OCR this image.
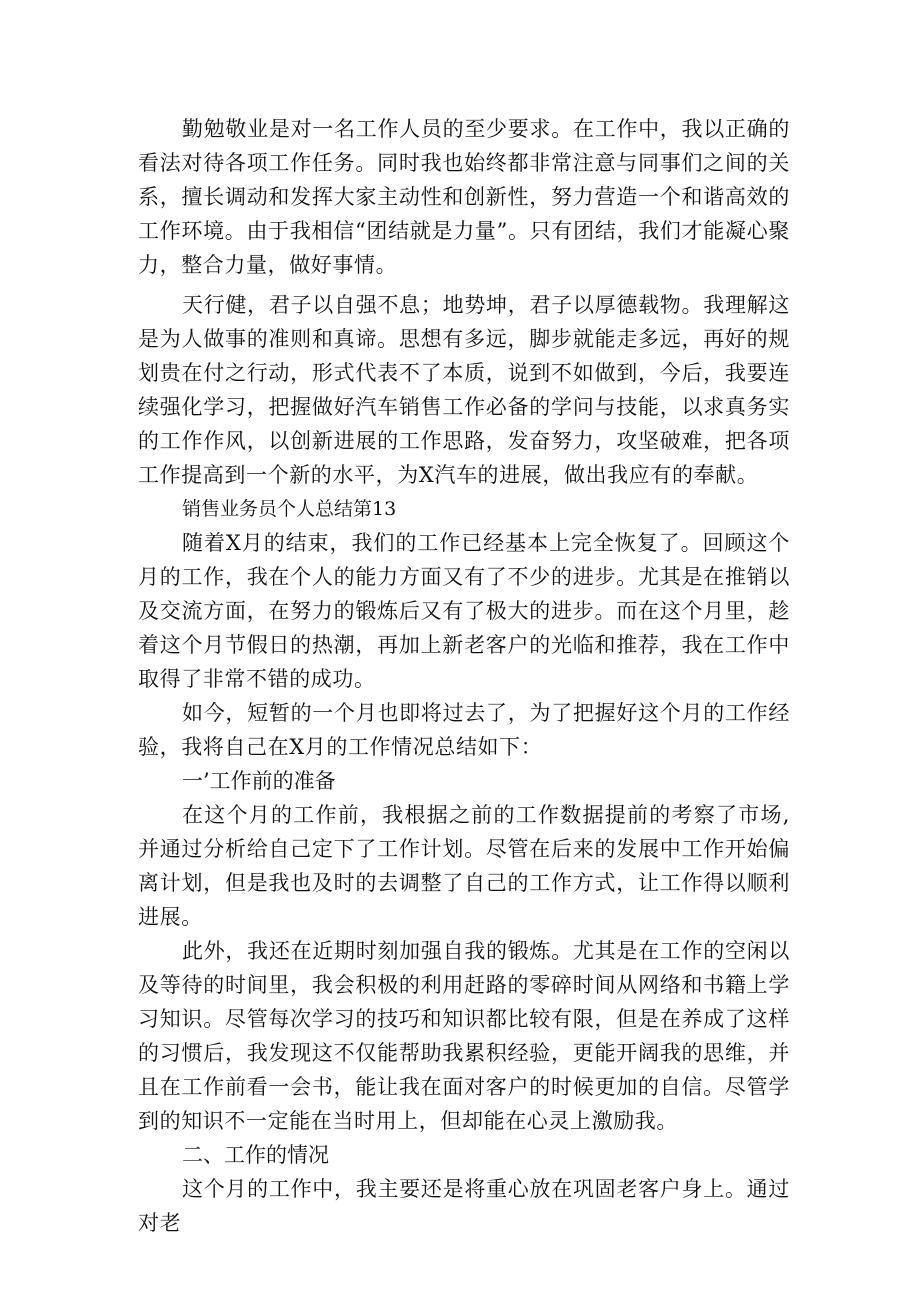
勤勉敬业是对一名工作人员的至少要求。在工作中，我以正确的看法对待各项工作任务。同时我也始终都非常注意与同事们之间的关系，擅长调动和发挥大家主动性和创新性，努力营造一个和谐高效的工作环境。由于我相信“团结就是力量”。只有团结，我们才能凝心聚力，整合力量，做好事情。

天行健，君子以自强不息；地势坤，君子以厚德载物。我理解这是为人做事的准则和真谛。思想有多远，脚步就能走多远，再好的规划贵在付之行动，形式代表不了本质，说到不如做到，今后，我要连续强化学习，把握做好汽车销售工作必备的学问与技能，以求真务实的工作作风，以创新进展的工作思路，发奋努力，攻坚破难，把各项工作提高到一个新的水平，为X汽车的进展，做出我应有的奉献。

销售业务员个人总结第13

随着X月的结束，我们的工作已经基本上完全恢复了。回顾这个月的工作，我在个人的能力方面又有了不少的进步。尤其是在推销以及交流方面，在努力的锻炼后又有了极大的进步。而在这个月里，趁着这个月节假日的热潮，再加上新老客户的光临和推荐，我在工作中取得了非常不错的成功。

如今，短暂的一个月也即将过去了，为了把握好这个月的工作经验，我将自己在X月的工作情况总结如下：

一’工作前的准备

在这个月的工作前，我根据之前的工作数据提前的考察了市场,并通过分析给自己定下了工作计划。尽管在后来的发展中工作开始偏离计划，但是我也及时的去调整了自己的工作方式，让工作得以顺利进展。

此外，我还在近期时刻加强自我的锻炼。尤其是在工作的空闲以及等待的时间里，我会积极的利用赶路的零碎时间从网络和书籍上学习知识。尽管每次学习的技巧和知识都比较有限，但是在养成了这样的习惯后，我发现这不仅能帮助我累积经验，更能开阔我的思维，并且在工作前看一会书，能让我在面对客户的时候更加的自信。尽管学到的知识不一定能在当时用上，但却能在心灵上激励我。

二、工作的情况

这个月的工作中，我主要还是将重心放在巩固老客户身上。通过对老
